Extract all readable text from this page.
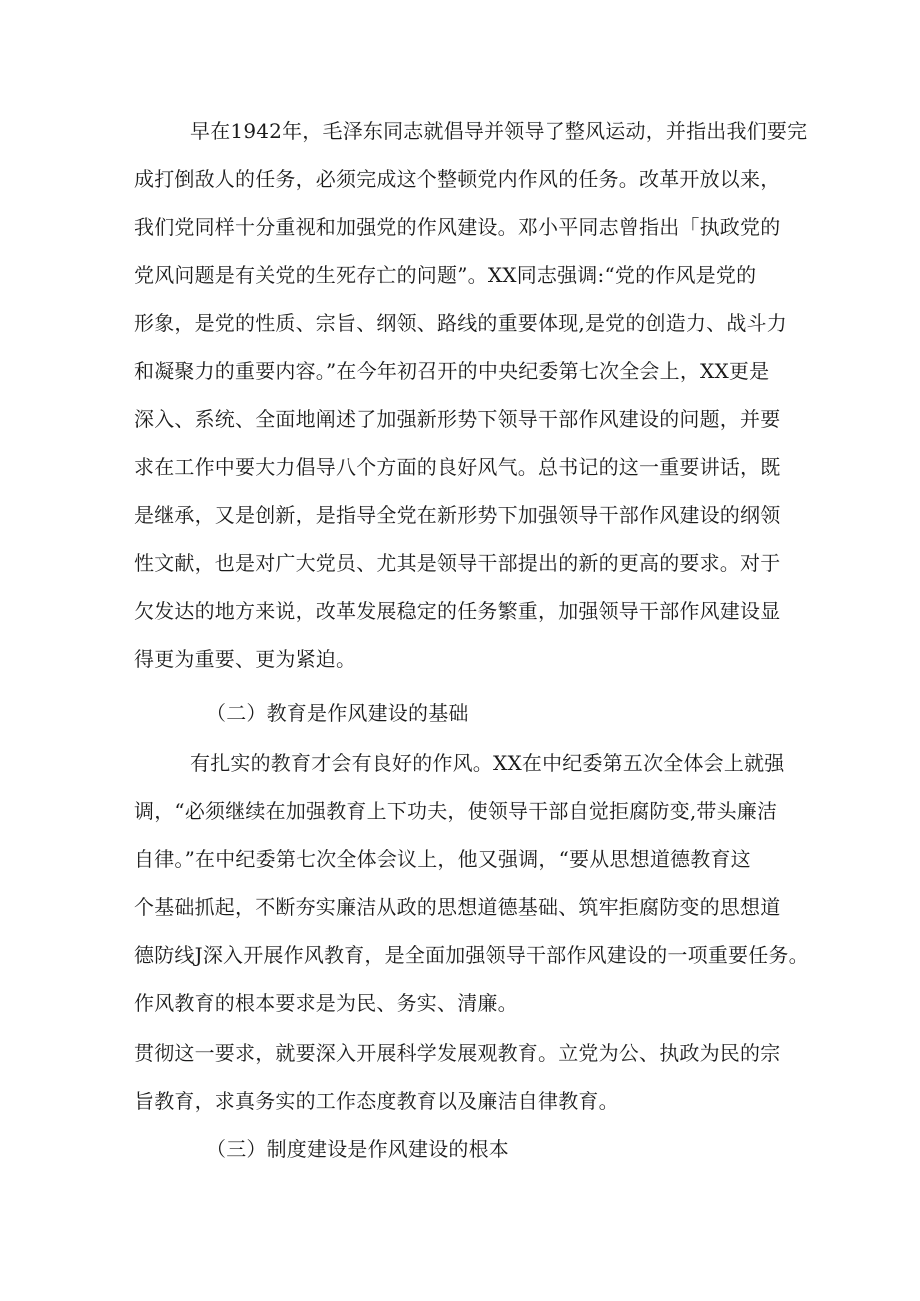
早在1942年，毛泽东同志就倡导并领导了整风运动，并指出我们要完
成打倒敌人的任务，必须完成这个整顿党内作风的任务。改革开放以来，
我们党同样十分重视和加强党的作风建设。邓小平同志曾指出「执政党的
党风问题是有关党的生死存亡的问题”。XX同志强调:“党的作风是党的
形象，是党的性质、宗旨、纲领、路线的重要体现,是党的创造力、战斗力
和凝聚力的重要内容。”在今年初召开的中央纪委第七次全会上，XX更是
深入、系统、全面地阐述了加强新形势下领导干部作风建设的问题，并要
求在工作中要大力倡导八个方面的良好风气。总书记的这一重要讲话，既
是继承，又是创新，是指导全党在新形势下加强领导干部作风建设的纲领
性文献，也是对广大党员、尤其是领导干部提出的新的更高的要求。对于
欠发达的地方来说，改革发展稳定的任务繁重，加强领导干部作风建设显
得更为重要、更为紧迫。
（二）教育是作风建设的基础
有扎实的教育才会有良好的作风。XX在中纪委第五次全体会上就强
调，“必须继续在加强教育上下功夫，使领导干部自觉拒腐防变,带头廉洁
自律。”在中纪委第七次全体会议上，他又强调，“要从思想道德教育这
个基础抓起，不断夯实廉洁从政的思想道德基础、筑牢拒腐防变的思想道
德防线J深入开展作风教育，是全面加强领导干部作风建设的一项重要任务。
作风教育的根本要求是为民、务实、清廉。
贯彻这一要求，就要深入开展科学发展观教育。立党为公、执政为民的宗
旨教育，求真务实的工作态度教育以及廉洁自律教育。
（三）制度建设是作风建设的根本
